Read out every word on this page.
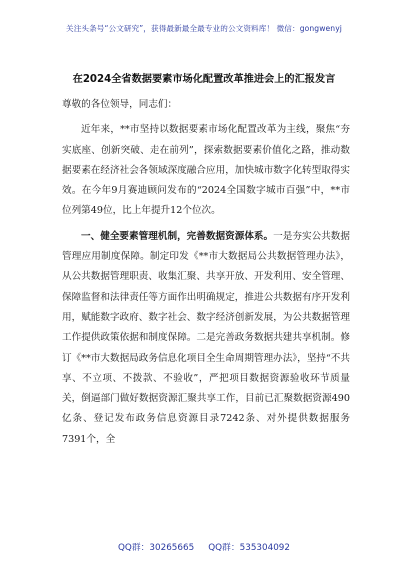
关注头条号“公文研究”，获得最新最全最专业的公文资料库！ 微信：gongwenyj
在2024全省数据要素市场化配置改革推进会上的汇报发言

尊敬的各位领导，同志们：

近年来，**市坚持以数据要素市场化配置改革为主线，聚焦“夯实底座、创新突破、走在前列”，探索数据要素价值化之路，推动数据要素在经济社会各领域深度融合应用，加快城市数字化转型取得实效。在今年9月赛迪顾问发布的“2024全国数字城市百强”中，**市位列第49位，比上年提升12个位次。

一、健全要素管理机制，完善数据资源体系。一是夯实公共数据管理应用制度保障。制定印发《**市大数据局公共数据管理办法》，从公共数据管理职责、收集汇聚、共享开放、开发利用、安全管理、保障监督和法律责任等方面作出明确规定，推进公共数据有序开发利用，赋能数字政府、数字社会、数字经济创新发展，为公共数据管理工作提供政策依据和制度保障。二是完善政务数据共建共享机制。修订《**市大数据局政务信息化项目全生命周期管理办法》，坚持“不共享、不立项、不拨款、不验收”，严把项目数据资源验收环节质量关，倒逼部门做好数据资源汇聚共享工作，目前已汇聚数据资源490亿条、登记发布政务信息资源目录7242条、对外提供数据服务7391个，全

QQ群：30265665 QQ群：535304092
